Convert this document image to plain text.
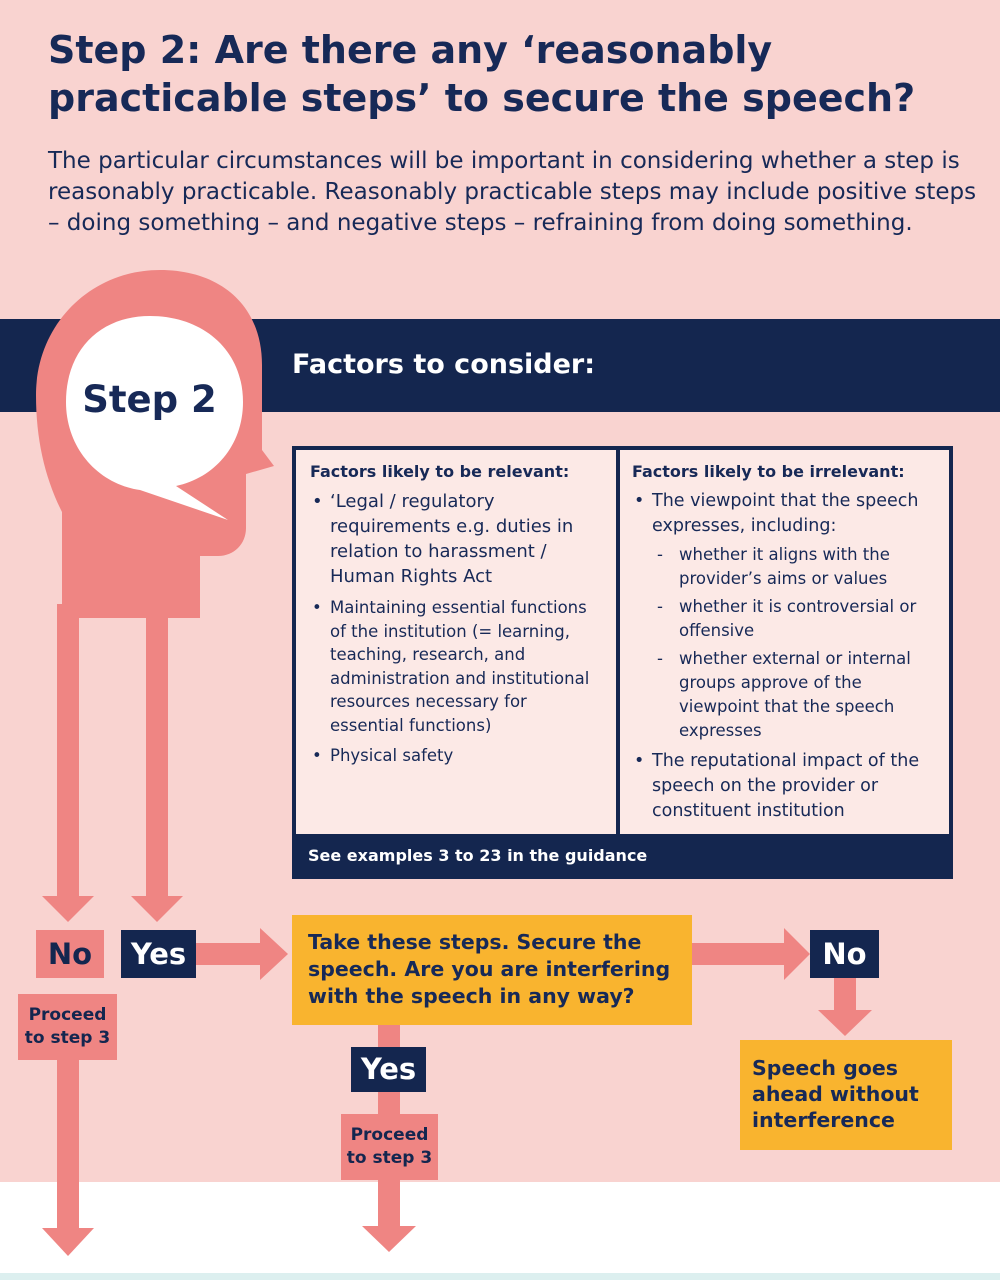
Step 2: Are there any ‘reasonably practicable steps’ to secure the speech?

The particular circumstances will be important in considering whether a step is reasonably practicable. Reasonably practicable steps may include positive steps – doing something – and negative steps – refraining from doing something.

Factors to consider:
Step 2
Factors likely to be relevant:
• ‘Legal / regulatory requirements e.g. duties in relation to harassment / Human Rights Act
• Maintaining essential functions of the institution (= learning, teaching, research, and administration and institutional resources necessary for essential functions)
• Physical safety
Factors likely to be irrelevant:
• The viewpoint that the speech expresses, including:
- whether it aligns with the provider’s aims or values
- whether it is controversial or offensive
- whether external or internal groups approve of the viewpoint that the speech expresses
• The reputational impact of the speech on the provider or constituent institution
See examples 3 to 23 in the guidance
No	Yes
Proceed to step 3
Take these steps. Secure the speech. Are you are interfering with the speech in any way?
No
Yes
Proceed to step 3
Speech goes ahead without interference
